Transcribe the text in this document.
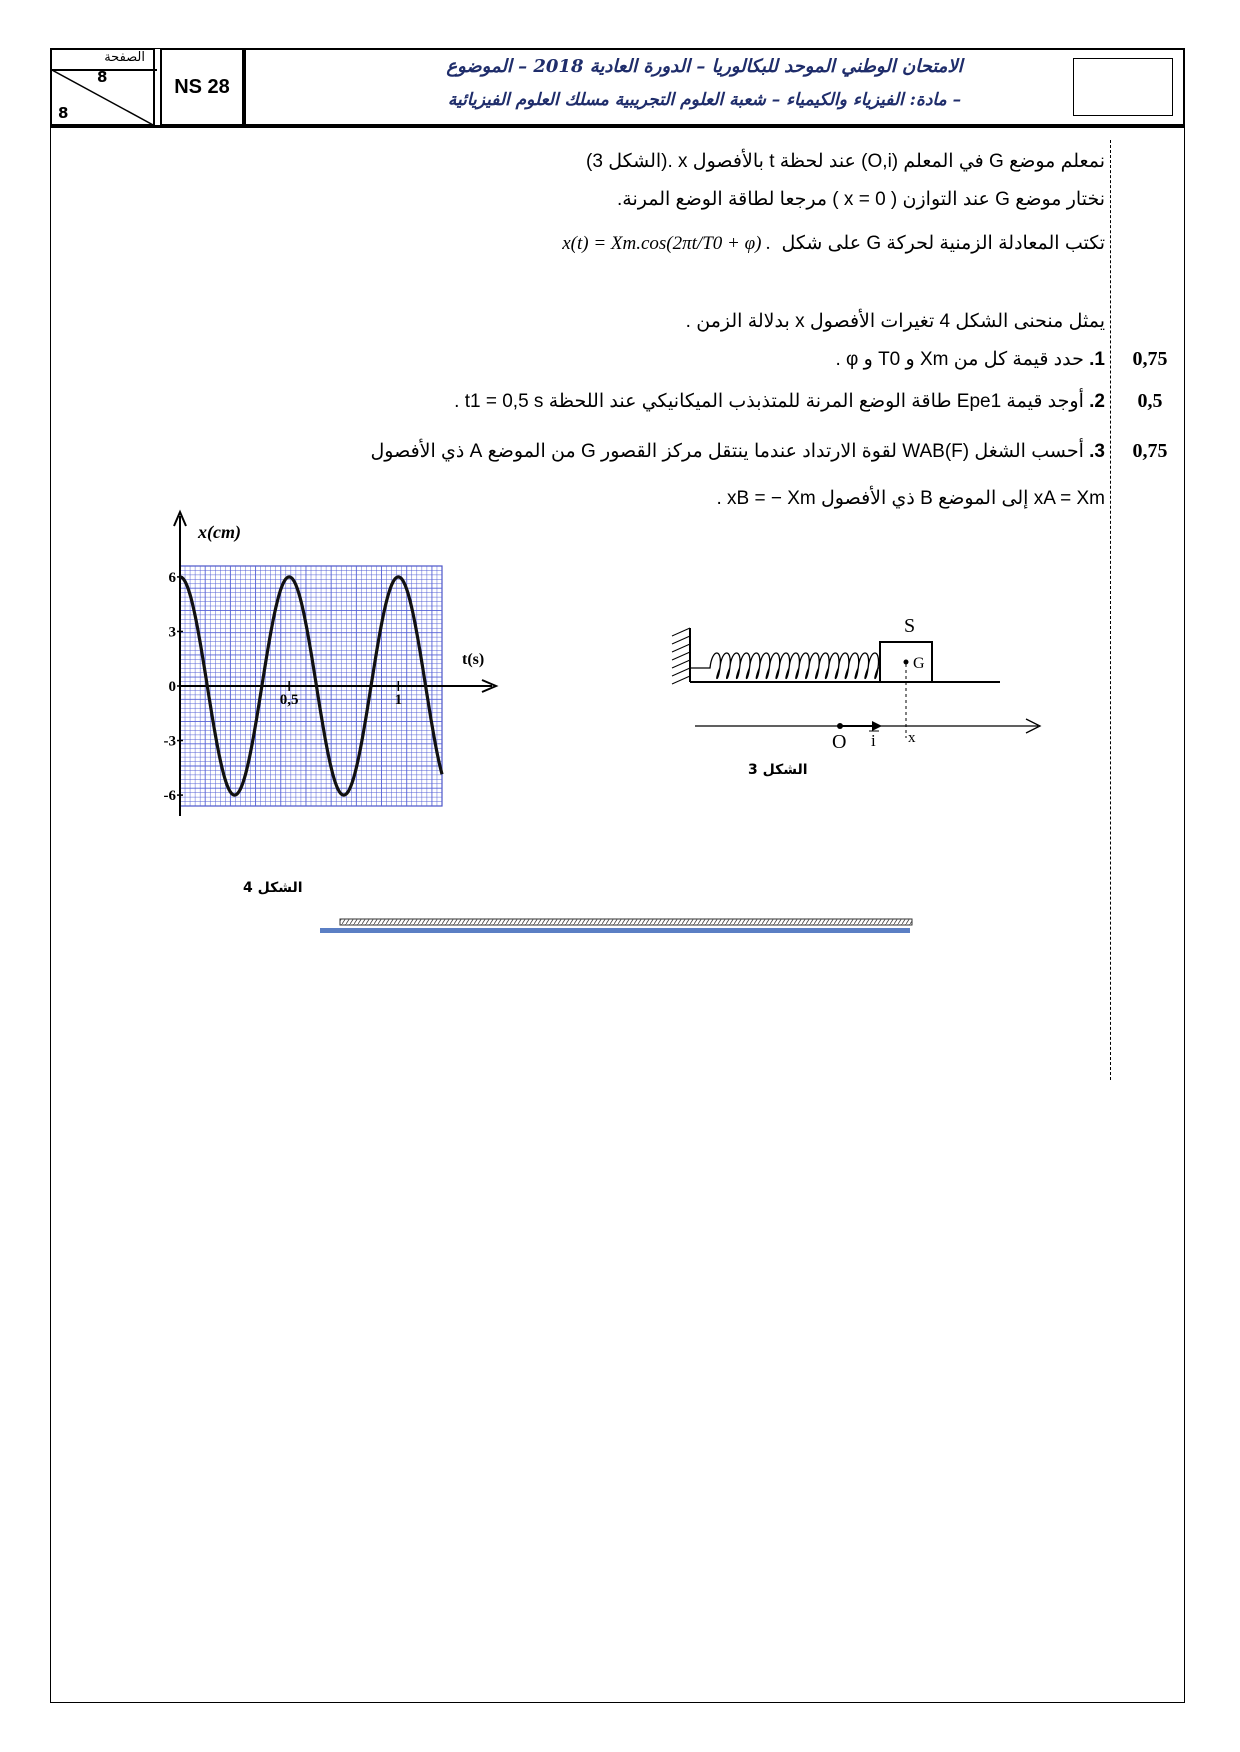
الصفحة
8
8
NS 28
الامتحان الوطني الموحد للبكالوريا – الدورة العادية 2018 – الموضوع
– مادة: الفيزياء والكيمياء – شعبة العلوم التجريبية مسلك العلوم الفيزيائية
نمعلم موضع G في المعلم (O,i) عند لحظة t بالأفصول x .(الشكل 3)
نختار موضع G عند التوازن ( x = 0 ) مرجعا لطاقة الوضع المرنة.
تكتب المعادلة الزمنية لحركة G على شكل  x(t) = Xm.cos(2πt/T0 + φ) .
يمثل منحنى الشكل 4 تغيرات الأفصول x بدلالة الزمن .
1. حدد قيمة كل من Xm و T0 و φ .	0,75
2. أوجد قيمة Epe1 طاقة الوضع المرنة للمتذبذب الميكانيكي عند اللحظة t1 = 0,5 s .	0,5
3. أحسب الشغل WAB(F) لقوة الارتداد عندما ينتقل مركز القصور G من الموضع A ذي الأفصول	0,75
xA = Xm إلى الموضع B ذي الأفصول xB = − Xm .
x(cm)
t(s)
6
3
0
-3
-6
0,5	1
الشكل 4
G
S
O i x
الشكل 3
